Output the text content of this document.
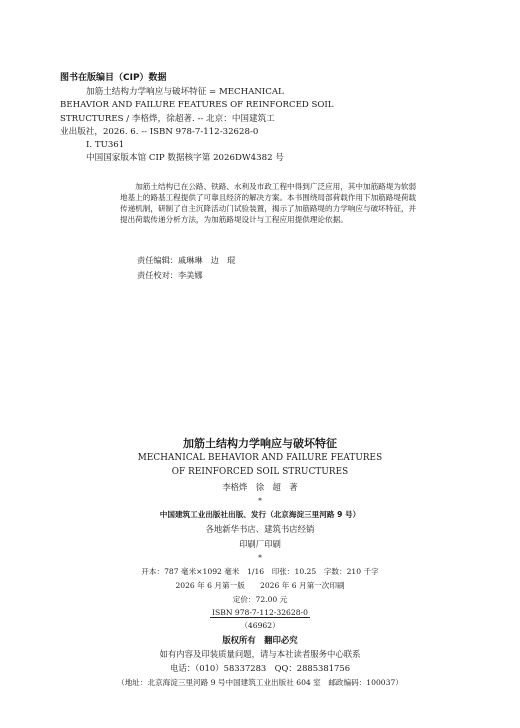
图书在版编目（CIP）数据
加筋土结构力学响应与破坏特征 = MECHANICAL
BEHAVIOR AND FAILURE FEATURES OF REINFORCED SOIL
STRUCTURES / 李格烨，徐超著. -- 北京：中国建筑工
业出版社，2026. 6. -- ISBN 978-7-112-32628-0
Ⅰ. TU361
中国国家版本馆 CIP 数据核字第 2026DW4382 号
加筋土结构已在公路、铁路、水利及市政工程中得到广泛应用，其中加筋路堤为软弱地基上的路基工程提供了可靠且经济的解决方案。本书围绕局部荷载作用下加筋路堤荷载传递机制，研制了自主沉降活动门试验装置，揭示了加筋路堤的力学响应与破坏特征，并提出荷载传递分析方法，为加筋路堤设计与工程应用提供理论依据。
责任编辑：戚琳琳　边　琨
责任校对：李美娜
加筋土结构力学响应与破坏特征
MECHANICAL BEHAVIOR AND FAILURE FEATURES
OF REINFORCED SOIL STRUCTURES
李格烨　徐　超　著
*
中国建筑工业出版社出版、发行（北京海淀三里河路 9 号）
各地新华书店、建筑书店经销
印刷厂印刷
*
开本：787 毫米×1092 毫米　1/16　印张：10.25　字数：210 千字
2026 年 6 月第一版　　2026 年 6 月第一次印刷
定价：72.00 元
ISBN 978-7-112-32628-0
（46962）
版权所有　翻印必究
如有内容及印装质量问题，请与本社读者服务中心联系
电话：（010）58337283　QQ：2885381756
（地址：北京海淀三里河路 9 号中国建筑工业出版社 604 室　邮政编码：100037）
